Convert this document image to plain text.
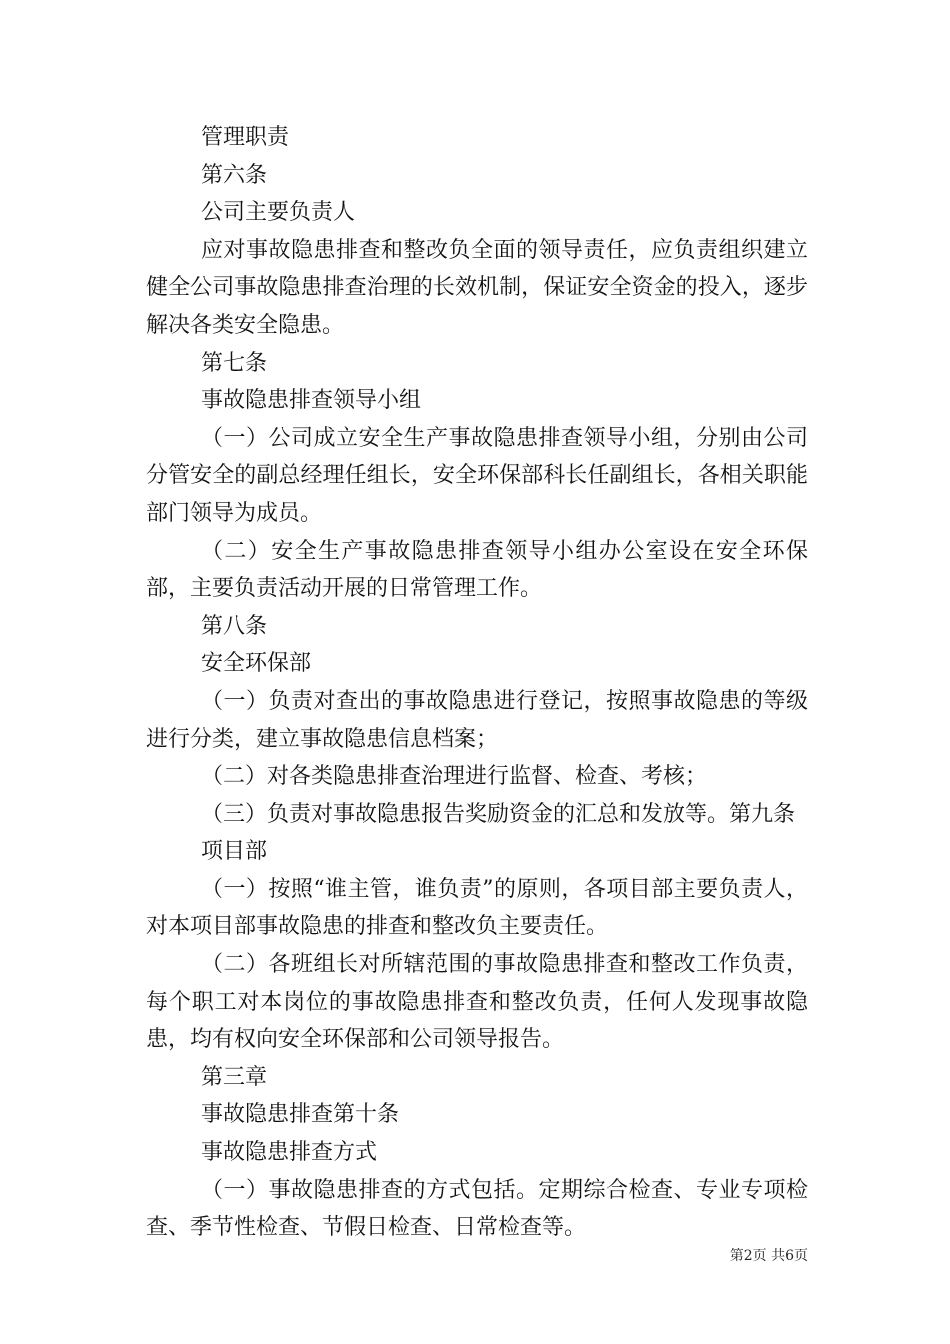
管理职责

第六条

公司主要负责人

应对事故隐患排查和整改负全面的领导责任，应负责组织建立健全公司事故隐患排查治理的长效机制，保证安全资金的投入，逐步解决各类安全隐患。

第七条

事故隐患排查领导小组

（一）公司成立安全生产事故隐患排查领导小组，分别由公司分管安全的副总经理任组长，安全环保部科长任副组长，各相关职能部门领导为成员。

（二）安全生产事故隐患排查领导小组办公室设在安全环保部，主要负责活动开展的日常管理工作。

第八条

安全环保部

（一）负责对查出的事故隐患进行登记，按照事故隐患的等级进行分类，建立事故隐患信息档案；

（二）对各类隐患排查治理进行监督、检查、考核；

（三）负责对事故隐患报告奖励资金的汇总和发放等。第九条

项目部

（一）按照“谁主管，谁负责”的原则，各项目部主要负责人，对本项目部事故隐患的排查和整改负主要责任。

（二）各班组长对所辖范围的事故隐患排查和整改工作负责，每个职工对本岗位的事故隐患排查和整改负责，任何人发现事故隐患，均有权向安全环保部和公司领导报告。

第三章

事故隐患排查第十条

事故隐患排查方式

（一）事故隐患排查的方式包括。定期综合检查、专业专项检查、季节性检查、节假日检查、日常检查等。

第2页 共6页
